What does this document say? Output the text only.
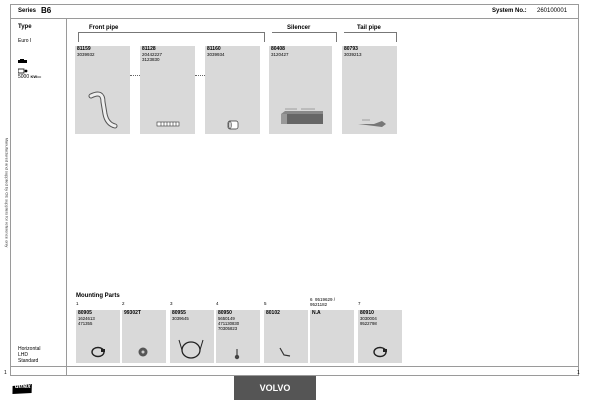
Series B6	System No.: 260100001
Manufactured and supplied by OE suppliers for reference only
Type
Euro I
5000 KWcc
Horizontal
LHD
Standard
Front pipe	Silencer	Tail pipe
81159
3039932
81128
20442227
3123830
81160
3039934
80408
3120427
80793
3039213
Mounting Parts
1
80905
1624613
471355
2
99302T
3
80955
3039645
4
80950
5650149
471130830
70305823
5
80102
6 9519629 /
9521182
N.A
7
80910
3030004
9522798
dinex	VOLVO
1	1
